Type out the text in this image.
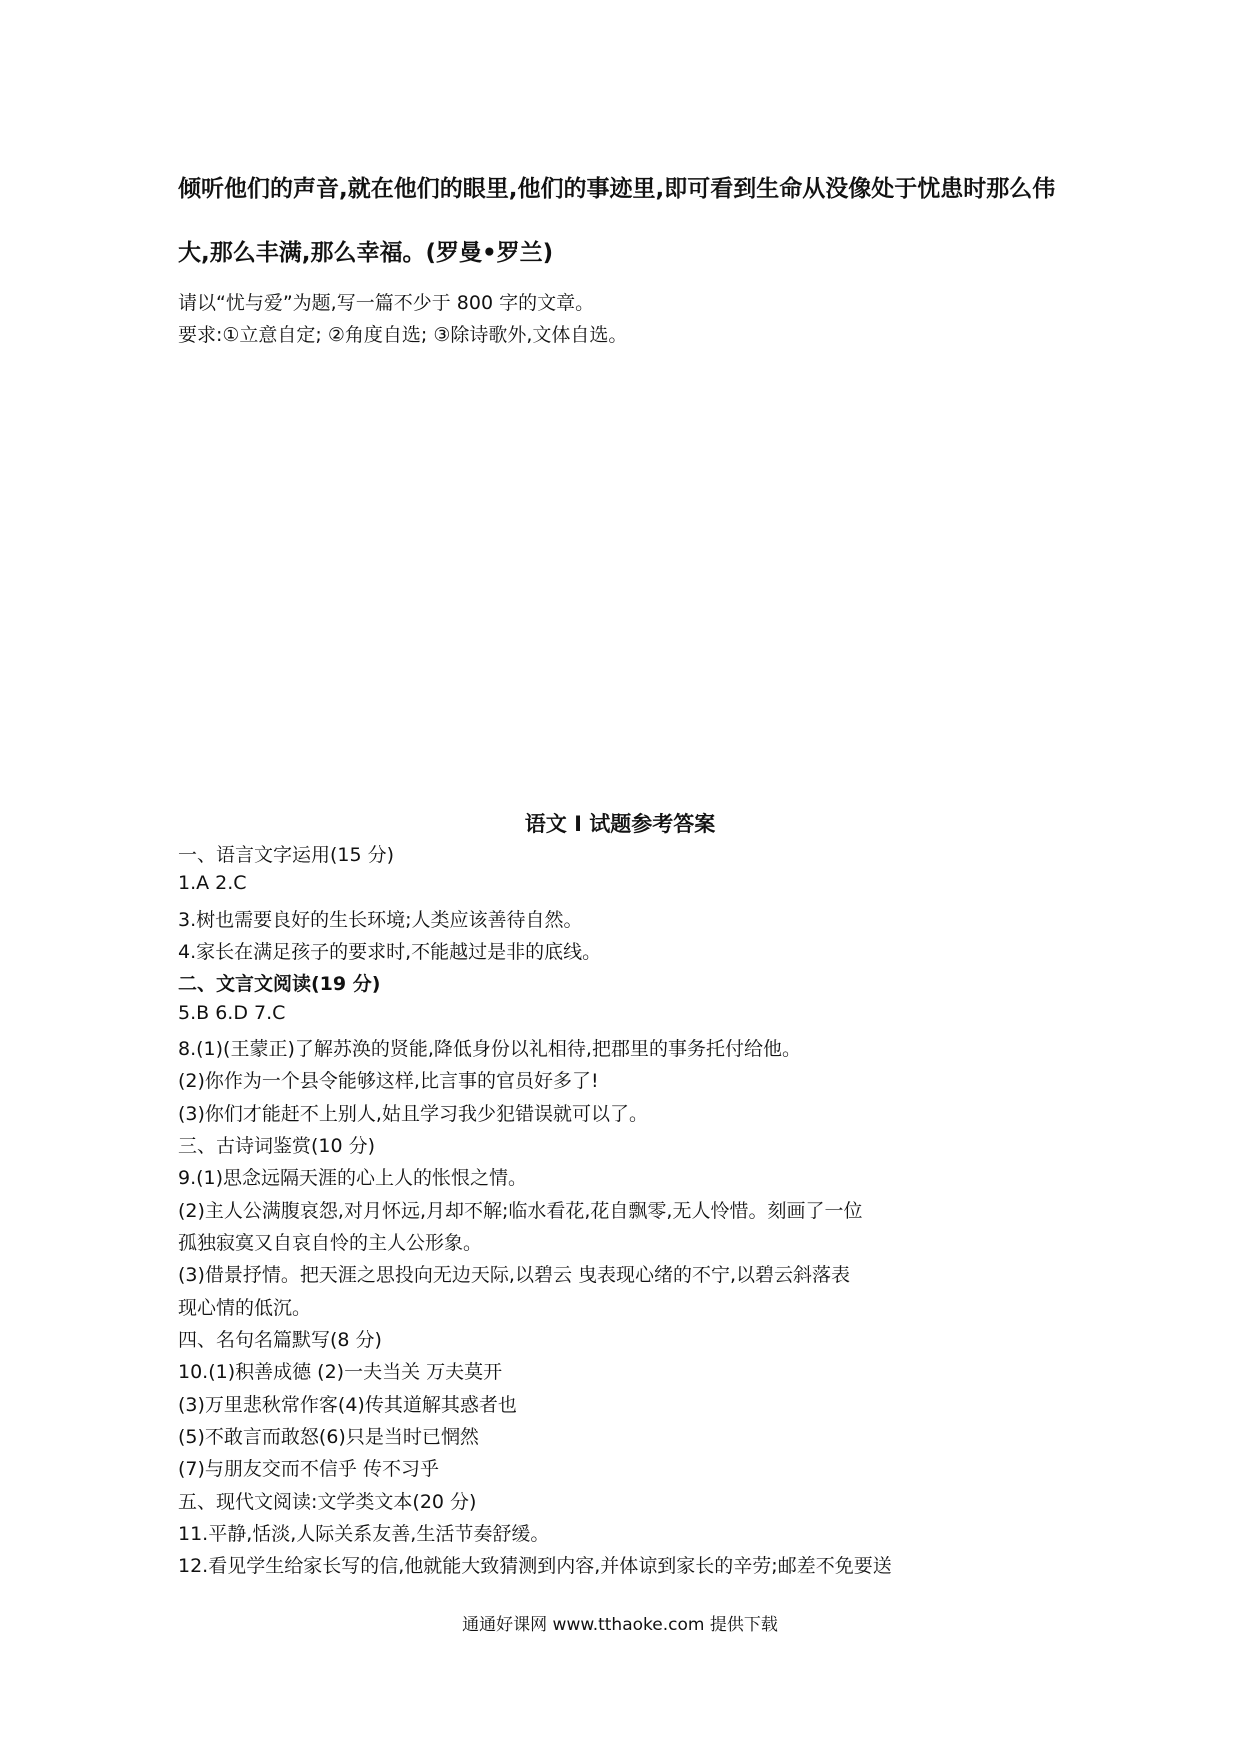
倾听他们的声音,就在他们的眼里,他们的事迹里,即可看到生命从没像处于忧患时那么伟

大,那么丰满,那么幸福。(罗曼•罗兰)

请以“忧与爱”为题,写一篇不少于 800 字的文章。

要求:①立意自定; ②角度自选; ③除诗歌外,文体自选。

语文 I 试题参考答案

一、语言文字运用(15 分)

1.A 2.C

3.树也需要良好的生长环境;人类应该善待自然。

4.家长在满足孩子的要求时,不能越过是非的底线。

二、文言文阅读(19 分)

5.B 6.D 7.C

8.(1)(王蒙正)了解苏涣的贤能,降低身份以礼相待,把郡里的事务托付给他。

(2)你作为一个县令能够这样,比言事的官员好多了!

(3)你们才能赶不上别人,姑且学习我少犯错误就可以了。

三、古诗词鉴赏(10 分)

9.(1)思念远隔天涯的心上人的怅恨之情。

(2)主人公满腹哀怨,对月怀远,月却不解;临水看花,花自飘零,无人怜惜。刻画了一位

孤独寂寞又自哀自怜的主人公形象。

(3)借景抒情。把天涯之思投向无边天际,以碧云 曳表现心绪的不宁,以碧云斜落表

现心情的低沉。

四、名句名篇默写(8 分)

10.(1)积善成德 (2)一夫当关 万夫莫开

(3)万里悲秋常作客(4)传其道解其惑者也

(5)不敢言而敢怒(6)只是当时已惘然

(7)与朋友交而不信乎 传不习乎

五、现代文阅读:文学类文本(20 分)

11.平静,恬淡,人际关系友善,生活节奏舒缓。

12.看见学生给家长写的信,他就能大致猜测到内容,并体谅到家长的辛劳;邮差不免要送

通通好课网 www.tthaoke.com 提供下载
